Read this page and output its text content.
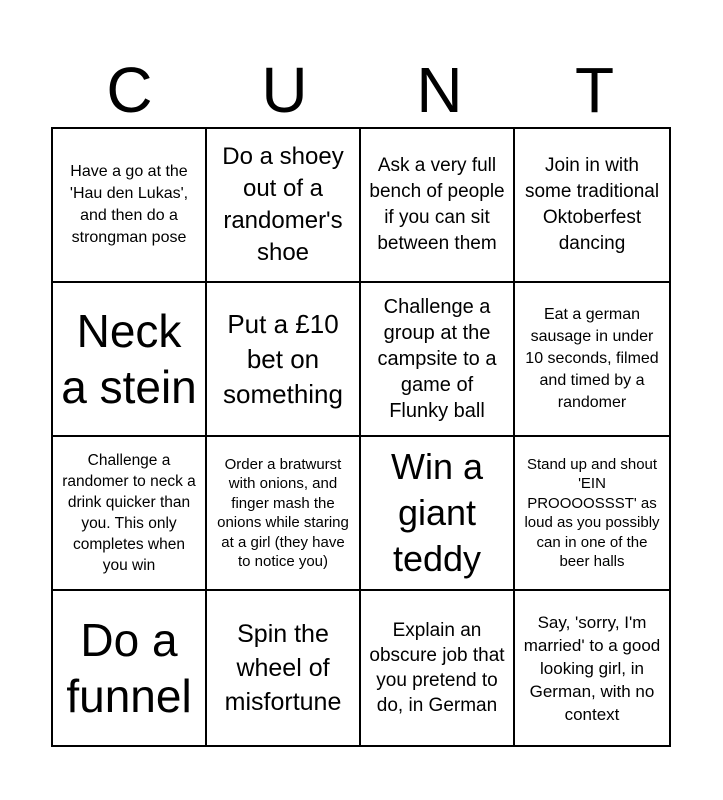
C	U	N	T
Have a go at the 'Hau den Lukas', and then do a strongman pose
Do a shoey out of a randomer's shoe
Ask a very full bench of people if you can sit between them
Join in with some traditional Oktoberfest dancing
Neck a stein
Put a £10 bet on something
Challenge a group at the campsite to a game of Flunky ball
Eat a german sausage in under 10 seconds, filmed and timed by a randomer
Challenge a randomer to neck a drink quicker than you. This only completes when you win
Order a bratwurst with onions, and finger mash the onions while staring at a girl (they have to notice you)
Win a giant teddy
Stand up and shout 'EIN PROOOOSSST' as loud as you possibly can in one of the beer halls
Do a funnel
Spin the wheel of misfortune
Explain an obscure job that you pretend to do, in German
Say, 'sorry, I'm married' to a good looking girl, in German, with no context
